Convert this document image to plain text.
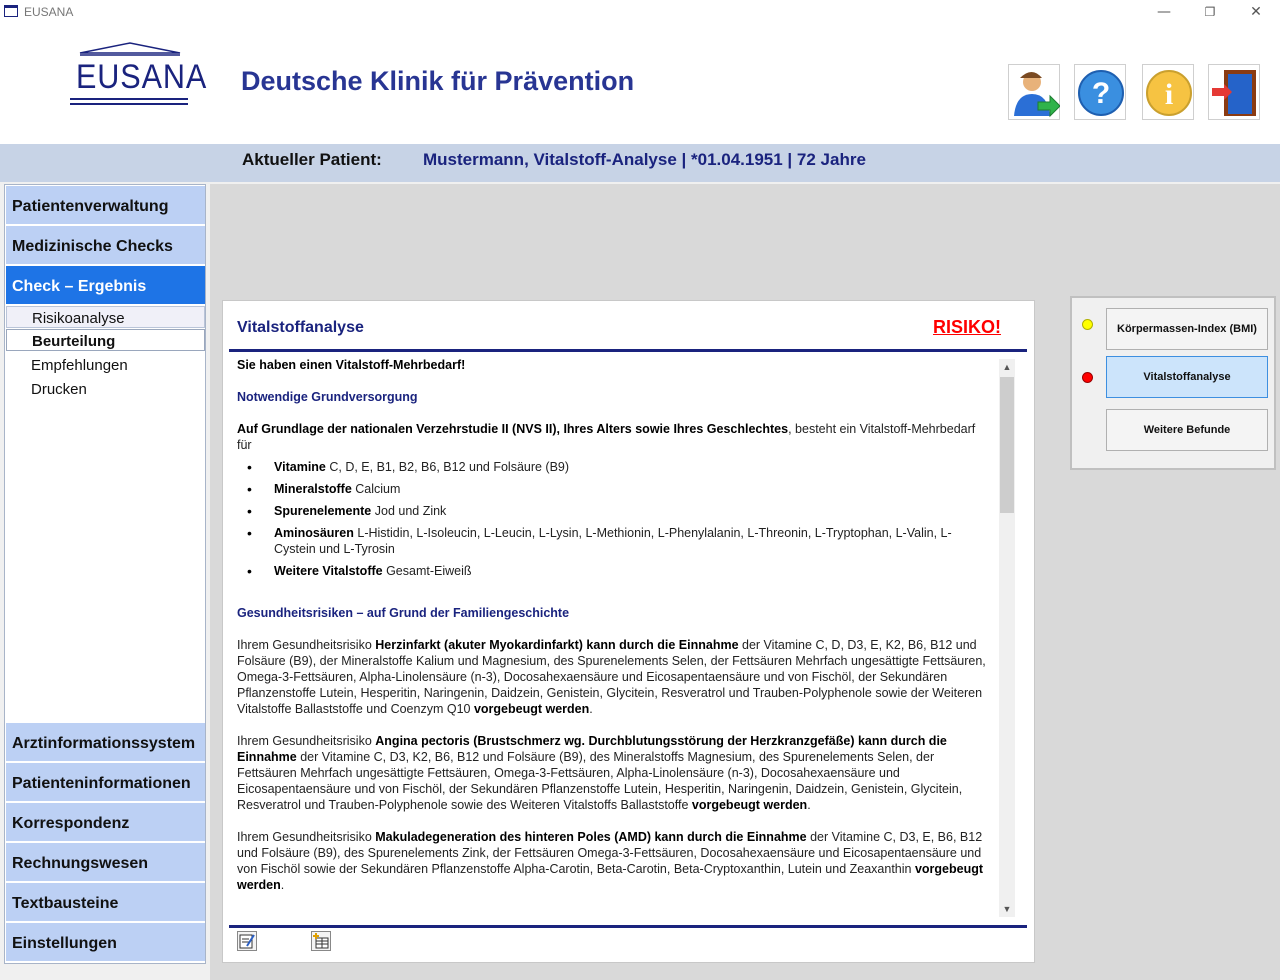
EUSANA	—	❐	✕
EUSANA Deutsche Klinik für Prävention	? i
Aktueller Patient: Mustermann, Vitalstoff-Analyse | *01.04.1951 | 72 Jahre
Patientenverwaltung
Medizinische Checks
Check – Ergebnis
Risikoanalyse
Beurteilung
Empfehlungen
Drucken
Arztinformationssystem
Patienteninformationen
Korrespondenz
Rechnungswesen
Textbausteine
Einstellungen
Vitalstoffanalyse	RISIKO!

Sie haben einen Vitalstoff-Mehrbedarf!

Notwendige Grundversorgung

Auf Grundlage der nationalen Verzehrstudie II (NVS II), Ihres Alters sowie Ihres Geschlechtes, besteht ein Vitalstoff-Mehrbedarf für

• Vitamine C, D, E, B1, B2, B6, B12 und Folsäure (B9)
• Mineralstoffe Calcium
• Spurenelemente Jod und Zink
• Aminosäuren L-Histidin, L-Isoleucin, L-Leucin, L-Lysin, L-Methionin, L-Phenylalanin, L-Threonin, L-Tryptophan, L-Valin, L-Cystein und L-Tyrosin
• Weitere Vitalstoffe Gesamt-Eiweiß

Gesundheitsrisiken – auf Grund der Familiengeschichte

Ihrem Gesundheitsrisiko Herzinfarkt (akuter Myokardinfarkt) kann durch die Einnahme der Vitamine C, D, D3, E, K2, B6, B12 und Folsäure (B9), der Mineralstoffe Kalium und Magnesium, des Spurenelements Selen, der Fettsäuren Mehrfach ungesättigte Fettsäuren, Omega-3-Fettsäuren, Alpha-Linolensäure (n-3), Docosahexaensäure und Eicosapentaensäure und von Fischöl, der Sekundären Pflanzenstoffe Lutein, Hesperitin, Naringenin, Daidzein, Genistein, Glycitein, Resveratrol und Trauben-Polyphenole sowie der Weiteren Vitalstoffe Ballaststoffe und Coenzym Q10 vorgebeugt werden.

Ihrem Gesundheitsrisiko Angina pectoris (Brustschmerz wg. Durchblutungsstörung der Herzkranzgefäße) kann durch die Einnahme der Vitamine C, D3, K2, B6, B12 und Folsäure (B9), des Mineralstoffs Magnesium, des Spurenelements Selen, der Fettsäuren Mehrfach ungesättigte Fettsäuren, Omega-3-Fettsäuren, Alpha-Linolensäure (n-3), Docosahexaensäure und Eicosapentaensäure und von Fischöl, der Sekundären Pflanzenstoffe Lutein, Hesperitin, Naringenin, Daidzein, Genistein, Glycitein, Resveratrol und Trauben-Polyphenole sowie des Weiteren Vitalstoffs Ballaststoffe vorgebeugt werden.

Ihrem Gesundheitsrisiko Makuladegeneration des hinteren Poles (AMD) kann durch die Einnahme der Vitamine C, D3, E, B6, B12 und Folsäure (B9), des Spurenelements Zink, der Fettsäuren Omega-3-Fettsäuren, Docosahexaensäure und Eicosapentaensäure und von Fischöl sowie der Sekundären Pflanzenstoffe Alpha-Carotin, Beta-Carotin, Beta-Cryptoxanthin, Lutein und Zeaxanthin vorgebeugt werden.

▲
▼
Körpermassen-Index (BMI)
Vitalstoffanalyse
Weitere Befunde
